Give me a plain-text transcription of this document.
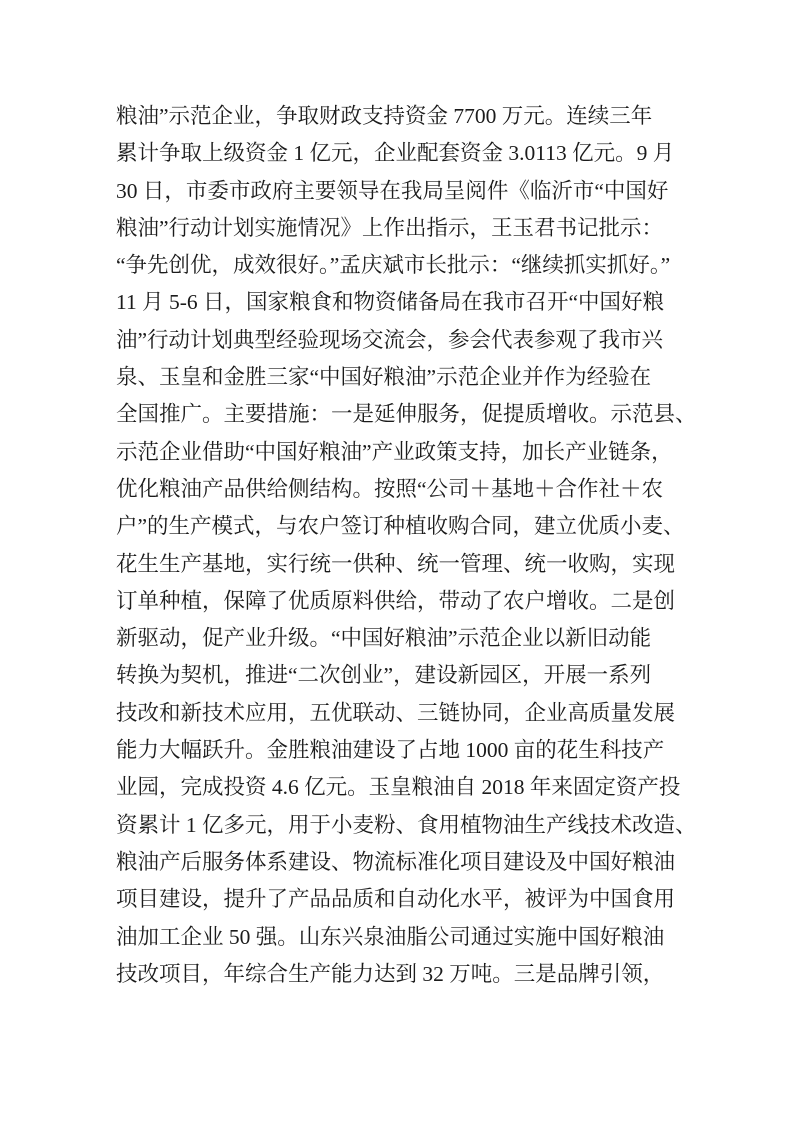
粮油”示范企业，争取财政支持资金 7700 万元。连续三年
累计争取上级资金 1 亿元，企业配套资金 3.0113 亿元。9 月
30 日，市委市政府主要领导在我局呈阅件《临沂市“中国好
粮油”行动计划实施情况》上作出指示，王玉君书记批示：
“争先创优，成效很好。”孟庆斌市长批示：“继续抓实抓好。”
11 月 5-6 日，国家粮食和物资储备局在我市召开“中国好粮
油”行动计划典型经验现场交流会，参会代表参观了我市兴
泉、玉皇和金胜三家“中国好粮油”示范企业并作为经验在
全国推广。主要措施：一是延伸服务，促提质增收。示范县、
示范企业借助“中国好粮油”产业政策支持，加长产业链条，
优化粮油产品供给侧结构。按照“公司＋基地＋合作社＋农
户”的生产模式，与农户签订种植收购合同，建立优质小麦、
花生生产基地，实行统一供种、统一管理、统一收购，实现
订单种植，保障了优质原料供给，带动了农户增收。二是创
新驱动，促产业升级。“中国好粮油”示范企业以新旧动能
转换为契机，推进“二次创业”，建设新园区，开展一系列
技改和新技术应用，五优联动、三链协同，企业高质量发展
能力大幅跃升。金胜粮油建设了占地 1000 亩的花生科技产
业园，完成投资 4.6 亿元。玉皇粮油自 2018 年来固定资产投
资累计 1 亿多元，用于小麦粉、食用植物油生产线技术改造、
粮油产后服务体系建设、物流标准化项目建设及中国好粮油
项目建设，提升了产品品质和自动化水平，被评为中国食用
油加工企业 50 强。山东兴泉油脂公司通过实施中国好粮油
技改项目，年综合生产能力达到 32 万吨。三是品牌引领，
